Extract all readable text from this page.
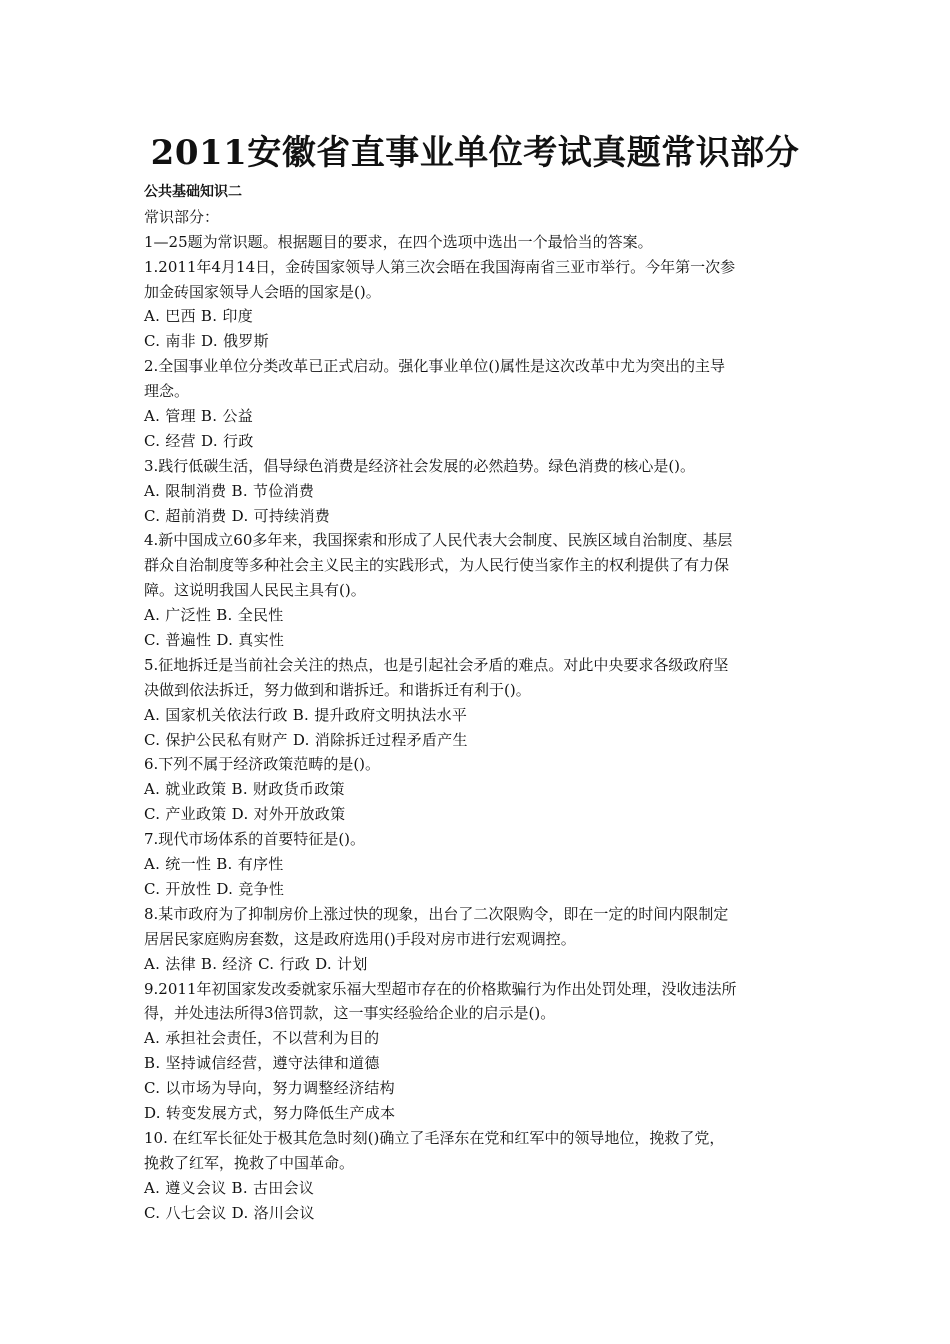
2011安徽省直事业单位考试真题常识部分
公共基础知识二
常识部分：
1—25题为常识题。根据题目的要求，在四个选项中选出一个最恰当的答案。
1.2011年4月14日，金砖国家领导人第三次会晤在我国海南省三亚市举行。今年第一次参
加金砖国家领导人会晤的国家是()。
A. 巴西 B. 印度
C. 南非 D. 俄罗斯
2.全国事业单位分类改革已正式启动。强化事业单位()属性是这次改革中尤为突出的主导
理念。
A. 管理 B. 公益
C. 经营 D. 行政
3.践行低碳生活，倡导绿色消费是经济社会发展的必然趋势。绿色消费的核心是()。
A. 限制消费 B. 节俭消费
C. 超前消费 D. 可持续消费
4.新中国成立60多年来，我国探索和形成了人民代表大会制度、民族区域自治制度、基层
群众自治制度等多种社会主义民主的实践形式，为人民行使当家作主的权利提供了有力保
障。这说明我国人民民主具有()。
A. 广泛性 B. 全民性
C. 普遍性 D. 真实性
5.征地拆迁是当前社会关注的热点，也是引起社会矛盾的难点。对此中央要求各级政府坚
决做到依法拆迁，努力做到和谐拆迁。和谐拆迁有利于()。
A. 国家机关依法行政 B. 提升政府文明执法水平
C. 保护公民私有财产 D. 消除拆迁过程矛盾产生
6.下列不属于经济政策范畴的是()。
A. 就业政策 B. 财政货币政策
C. 产业政策 D. 对外开放政策
7.现代市场体系的首要特征是()。
A. 统一性 B. 有序性
C. 开放性 D. 竞争性
8.某市政府为了抑制房价上涨过快的现象，出台了二次限购令，即在一定的时间内限制定
居居民家庭购房套数，这是政府选用()手段对房市进行宏观调控。
A. 法律 B. 经济 C. 行政 D. 计划
9.2011年初国家发改委就家乐福大型超市存在的价格欺骗行为作出处罚处理，没收违法所
得，并处违法所得3倍罚款，这一事实经验给企业的启示是()。
A. 承担社会责任，不以营利为目的
B. 坚持诚信经营，遵守法律和道德
C. 以市场为导向，努力调整经济结构
D. 转变发展方式，努力降低生产成本
10. 在红军长征处于极其危急时刻()确立了毛泽东在党和红军中的领导地位，挽救了党，
挽救了红军，挽救了中国革命。
A. 遵义会议 B. 古田会议
C. 八七会议 D. 洛川会议
